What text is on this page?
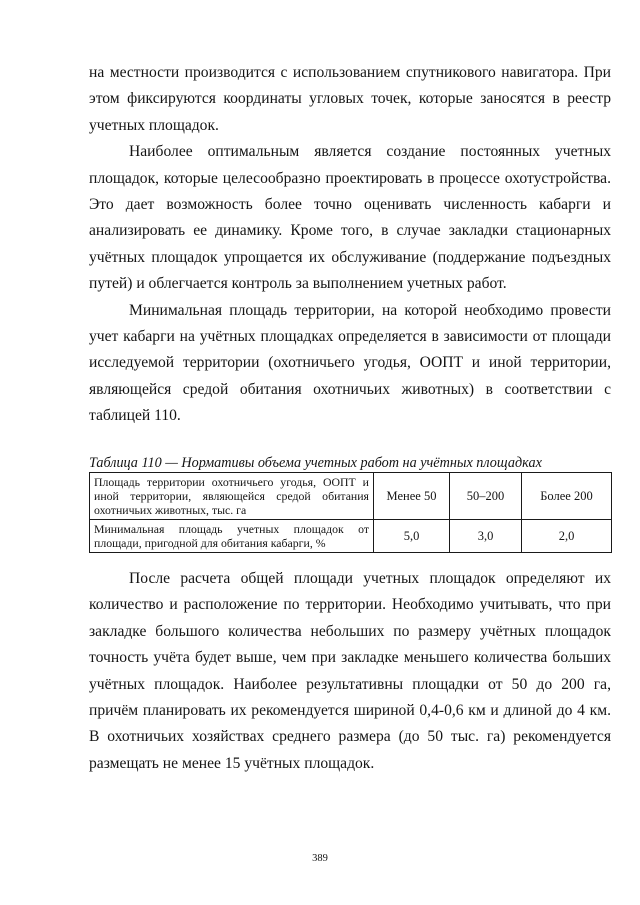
на местности производится с использованием спутникового навигатора. При этом фиксируются координаты угловых точек, которые заносятся в реестр учетных площадок.

Наиболее оптимальным является создание постоянных учетных площадок, которые целесообразно проектировать в процессе охотустройства. Это дает возможность более точно оценивать численность кабарги и анализировать ее динамику. Кроме того, в случае закладки стационарных учётных площадок упрощается их обслуживание (поддержание подъездных путей) и облегчается контроль за выполнением учетных работ.

Минимальная площадь территории, на которой необходимо провести учет кабарги на учётных площадках определяется в зависимости от площади исследуемой территории (охотничьего угодья, ООПТ и иной территории, являющейся средой обитания охотничьих животных) в соответствии с таблицей 110.

Таблица 110 — Нормативы объема учетных работ на учётных площадках
Площадь территории охотничьего угодья, ООПТ и иной территории, являющейся средой обитания охотничьих животных, тыс. га	Менее 50	50–200	Более 200
Минимальная площадь учетных площадок от площади, пригодной для обитания кабарги, %	5,0	3,0	2,0

После расчета общей площади учетных площадок определяют их количество и расположение по территории. Необходимо учитывать, что при закладке большого количества небольших по размеру учётных площадок точность учёта будет выше, чем при закладке меньшего количества больших учётных площадок. Наиболее результативны площадки от 50 до 200 га, причём планировать их рекомендуется шириной 0,4-0,6 км и длиной до 4 км. В охотничьих хозяйствах среднего размера (до 50 тыс. га) рекомендуется размещать не менее 15 учётных площадок.

389
